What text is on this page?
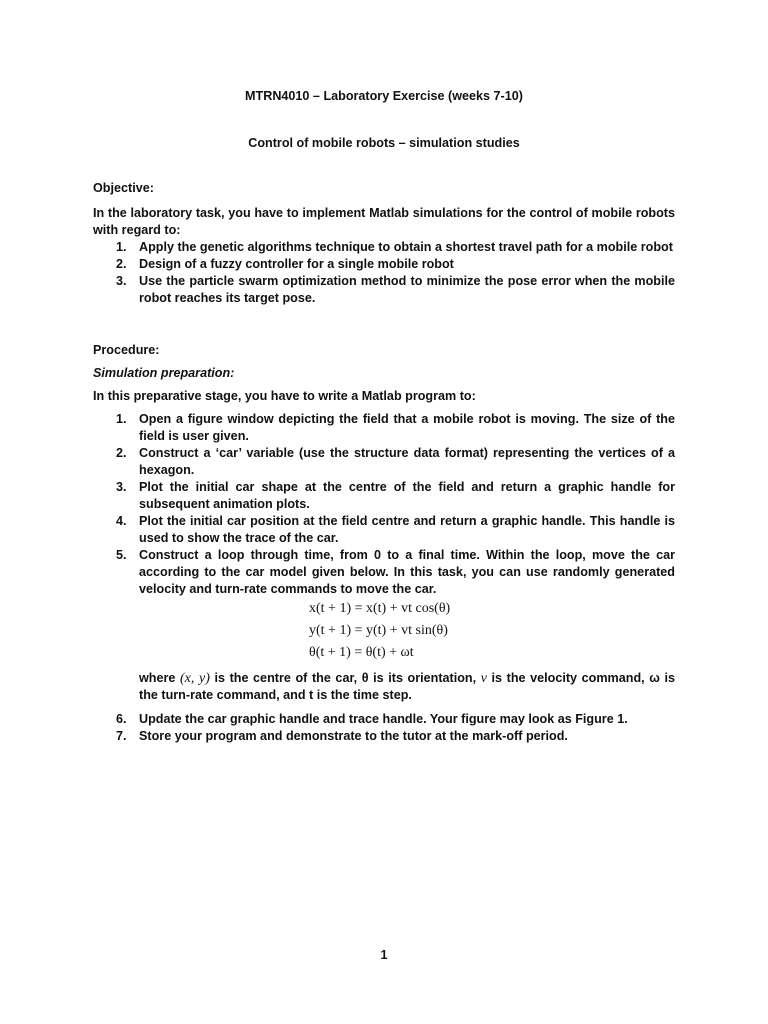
MTRN4010 – Laboratory Exercise (weeks 7-10)
Control of mobile robots – simulation studies
Objective:
In the laboratory task, you have to implement Matlab simulations for the control of mobile robots with regard to:
1. Apply the genetic algorithms technique to obtain a shortest travel path for a mobile robot
2. Design of a fuzzy controller for a single mobile robot
3. Use the particle swarm optimization method to minimize the pose error when the mobile robot reaches its target pose.
Procedure:
Simulation preparation:
In this preparative stage, you have to write a Matlab program to:
1. Open a figure window depicting the field that a mobile robot is moving. The size of the field is user given.
2. Construct a ‘car’ variable (use the structure data format) representing the vertices of a hexagon.
3. Plot the initial car shape at the centre of the field and return a graphic handle for subsequent animation plots.
4. Plot the initial car position at the field centre and return a graphic handle. This handle is used to show the trace of the car.
5. Construct a loop through time, from 0 to a final time. Within the loop, move the car according to the car model given below. In this task, you can use randomly generated velocity and turn-rate commands to move the car.
x(t + 1) = x(t) + vt cos(θ)
y(t + 1) = y(t) + vt sin(θ)
θ(t + 1) = θ(t) + ωt
where (x, y) is the centre of the car, θ is its orientation, v is the velocity command, ω is the turn-rate command, and t is the time step.
6. Update the car graphic handle and trace handle. Your figure may look as Figure 1.
7. Store your program and demonstrate to the tutor at the mark-off period.
1
